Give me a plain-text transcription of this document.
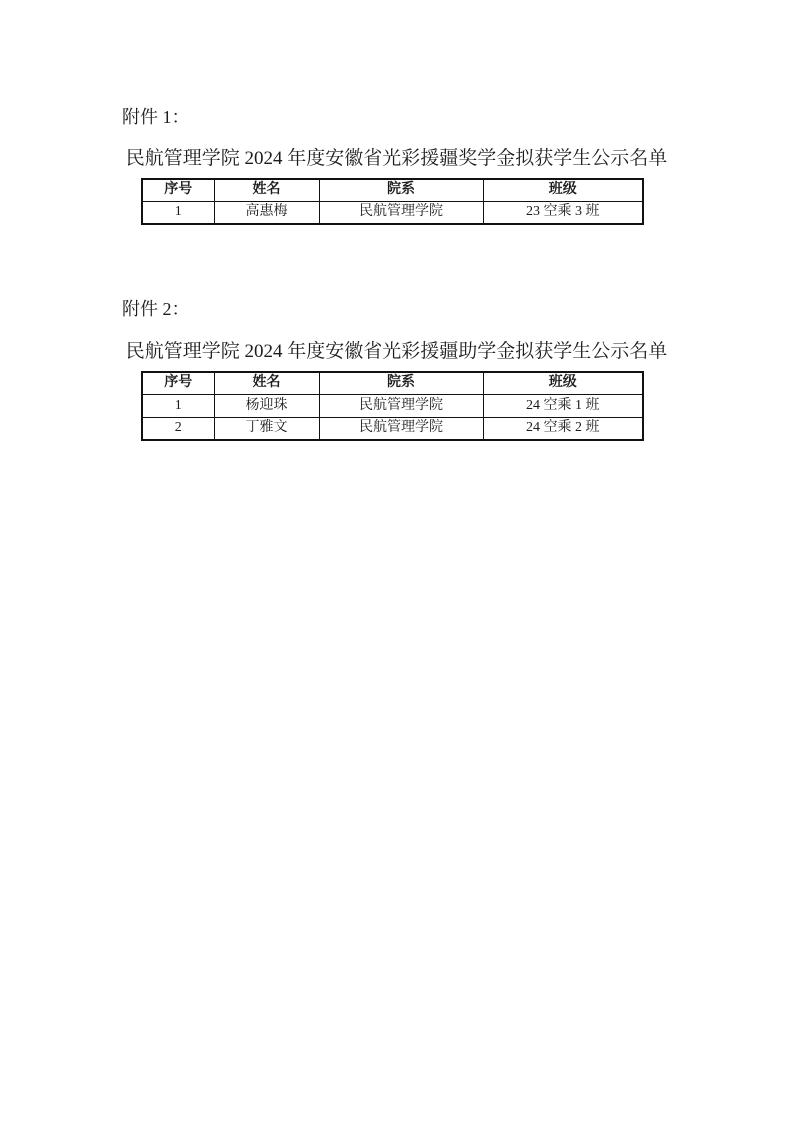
附件 1：
民航管理学院 2024 年度安徽省光彩援疆奖学金拟获学生公示名单
序号	姓名	院系	班级
1	高惠梅	民航管理学院	23 空乘 3 班
附件 2：
民航管理学院 2024 年度安徽省光彩援疆助学金拟获学生公示名单
序号	姓名	院系	班级
1	杨迎珠	民航管理学院	24 空乘 1 班
2	丁雅文	民航管理学院	24 空乘 2 班
